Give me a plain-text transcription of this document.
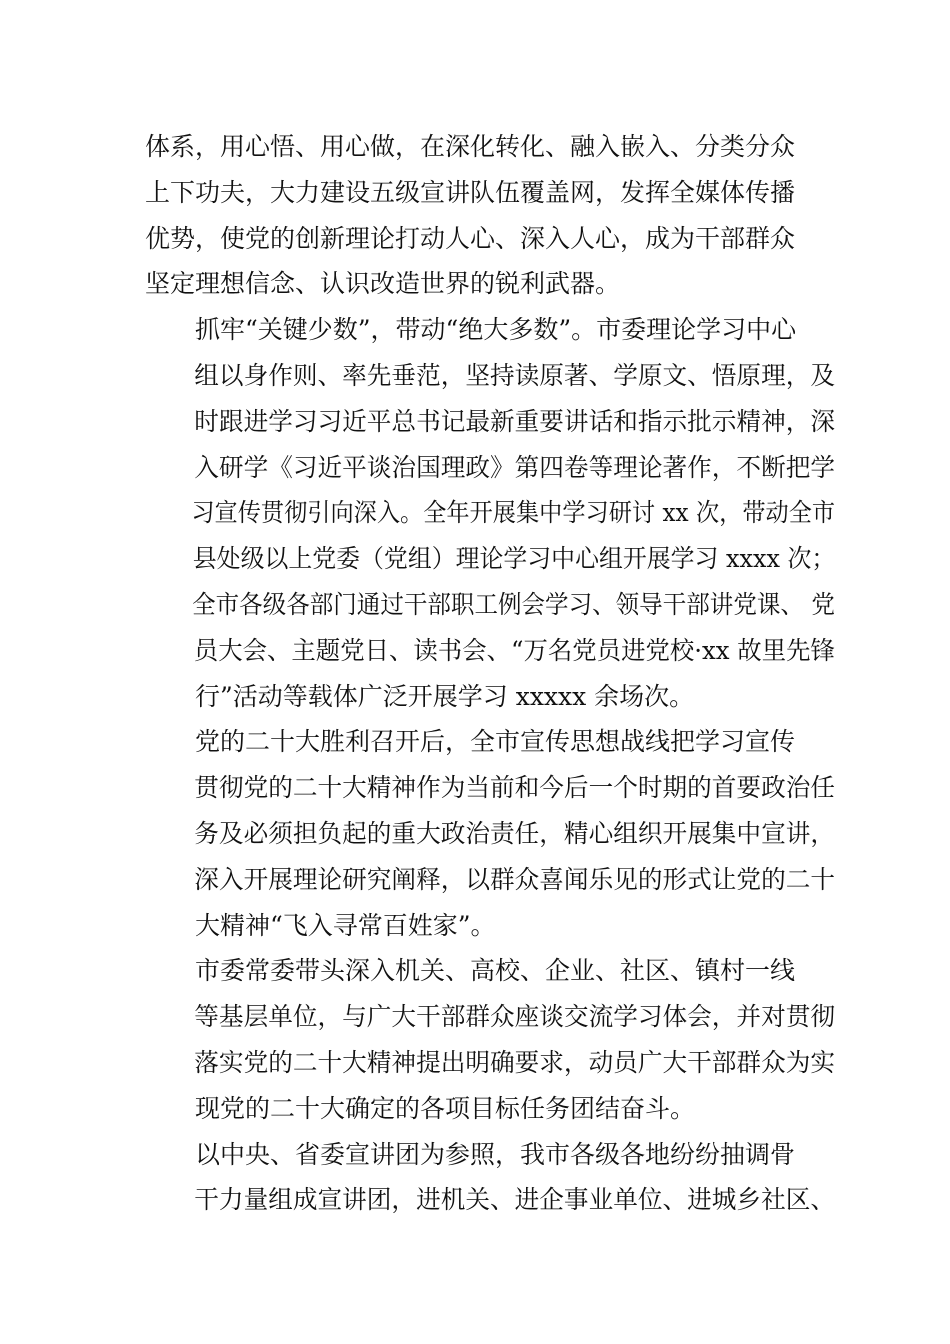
体系，用心悟、用心做，在深化转化、融入嵌入、分类分众
上下功夫，大力建设五级宣讲队伍覆盖网，发挥全媒体传播
优势，使党的创新理论打动人心、深入人心，成为干部群众
坚定理想信念、认识改造世界的锐利武器。
抓牢“关键少数”，带动“绝大多数”。市委理论学习中心
组以身作则、率先垂范，坚持读原著、学原文、悟原理，及
时跟进学习习近平总书记最新重要讲话和指示批示精神，深
入研学《习近平谈治国理政》第四卷等理论著作，不断把学
习宣传贯彻引向深入。全年开展集中学习研讨 xx 次，带动全市
县处级以上党委（党组）理论学习中心组开展学习 xxxx 次；
全市各级各部门通过干部职工例会学习、领导干部讲党课、 党
员大会、主题党日、读书会、“万名党员进党校·xx 故里先锋
行”活动等载体广泛开展学习 xxxxx 余场次。
党的二十大胜利召开后，全市宣传思想战线把学习宣传
贯彻党的二十大精神作为当前和今后一个时期的首要政治任
务及必须担负起的重大政治责任，精心组织开展集中宣讲，
深入开展理论研究阐释，以群众喜闻乐见的形式让党的二十
大精神“飞入寻常百姓家”。
市委常委带头深入机关、高校、企业、社区、镇村一线
等基层单位，与广大干部群众座谈交流学习体会，并对贯彻
落实党的二十大精神提出明确要求，动员广大干部群众为实
现党的二十大确定的各项目标任务团结奋斗。
以中央、省委宣讲团为参照，我市各级各地纷纷抽调骨
干力量组成宣讲团，进机关、进企事业单位、进城乡社区、
